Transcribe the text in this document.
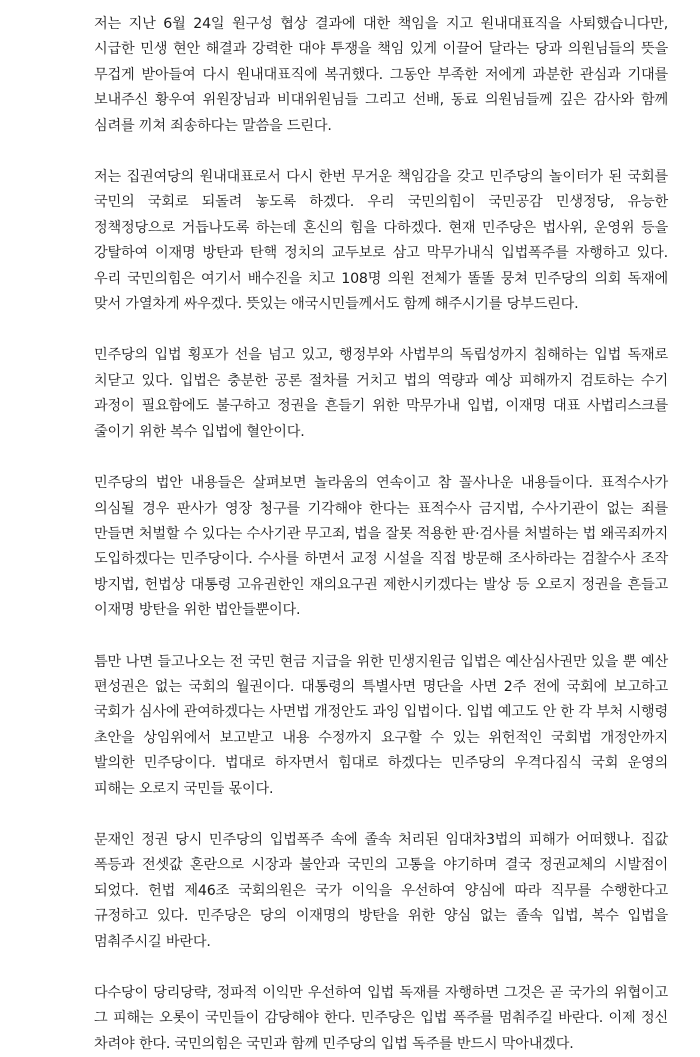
저는 지난 6월 24일 원구성 협상 결과에 대한 책임을 지고 원내대표직을 사퇴했습니다만, 시급한 민생 현안 해결과 강력한 대야 투쟁을 책임 있게 이끌어 달라는 당과 의원님들의 뜻을 무겁게 받아들여 다시 원내대표직에 복귀했다. 그동안 부족한 저에게 과분한 관심과 기대를 보내주신 황우여 위원장님과 비대위원님들 그리고 선배, 동료 의원님들께 깊은 감사와 함께 심려를 끼쳐 죄송하다는 말씀을 드린다.

저는 집권여당의 원내대표로서 다시 한번 무거운 책임감을 갖고 민주당의 놀이터가 된 국회를 국민의 국회로 되돌려 놓도록 하겠다. 우리 국민의힘이 국민공감 민생정당, 유능한 정책정당으로 거듭나도록 하는데 혼신의 힘을 다하겠다. 현재 민주당은 법사위, 운영위 등을 강탈하여 이재명 방탄과 탄핵 정치의 교두보로 삼고 막무가내식 입법폭주를 자행하고 있다. 우리 국민의힘은 여기서 배수진을 치고 108명 의원 전체가 똘똘 뭉쳐 민주당의 의회 독재에 맞서 가열차게 싸우겠다. 뜻있는 애국시민들께서도 함께 해주시기를 당부드린다.

민주당의 입법 횡포가 선을 넘고 있고, 행정부와 사법부의 독립성까지 침해하는 입법 독재로 치닫고 있다. 입법은 충분한 공론 절차를 거치고 법의 역량과 예상 피해까지 검토하는 수기 과정이 필요함에도 불구하고 정권을 흔들기 위한 막무가내 입법, 이재명 대표 사법리스크를 줄이기 위한 복수 입법에 혈안이다.

민주당의 법안 내용들은 살펴보면 놀라움의 연속이고 참 꼴사나운 내용들이다. 표적수사가 의심될 경우 판사가 영장 청구를 기각해야 한다는 표적수사 금지법, 수사기관이 없는 죄를 만들면 처벌할 수 있다는 수사기관 무고죄, 법을 잘못 적용한 판·검사를 처벌하는 법 왜곡죄까지 도입하겠다는 민주당이다. 수사를 하면서 교정 시설을 직접 방문해 조사하라는 검찰수사 조작 방지법, 헌법상 대통령 고유권한인 재의요구권 제한시키겠다는 발상 등 오로지 정권을 흔들고 이재명 방탄을 위한 법안들뿐이다.

틈만 나면 들고나오는 전 국민 현금 지급을 위한 민생지원금 입법은 예산심사권만 있을 뿐 예산 편성권은 없는 국회의 월권이다. 대통령의 특별사면 명단을 사면 2주 전에 국회에 보고하고 국회가 심사에 관여하겠다는 사면법 개정안도 과잉 입법이다. 입법 예고도 안 한 각 부처 시행령 초안을 상임위에서 보고받고 내용 수정까지 요구할 수 있는 위헌적인 국회법 개정안까지 발의한 민주당이다. 법대로 하자면서 힘대로 하겠다는 민주당의 우격다짐식 국회 운영의 피해는 오로지 국민들 몫이다.

문재인 정권 당시 민주당의 입법폭주 속에 졸속 처리된 임대차3법의 피해가 어떠했나. 집값 폭등과 전셋값 혼란으로 시장과 불안과 국민의 고통을 야기하며 결국 정권교체의 시발점이 되었다. 헌법 제46조 국회의원은 국가 이익을 우선하여 양심에 따라 직무를 수행한다고 규정하고 있다. 민주당은 당의 이재명의 방탄을 위한 양심 없는 졸속 입법, 복수 입법을 멈춰주시길 바란다.

다수당이 당리당략, 정파적 이익만 우선하여 입법 독재를 자행하면 그것은 곧 국가의 위협이고 그 피해는 오롯이 국민들이 감당해야 한다. 민주당은 입법 폭주를 멈춰주길 바란다. 이제 정신 차려야 한다. 국민의힘은 국민과 함께 민주당의 입법 독주를 반드시 막아내겠다.
